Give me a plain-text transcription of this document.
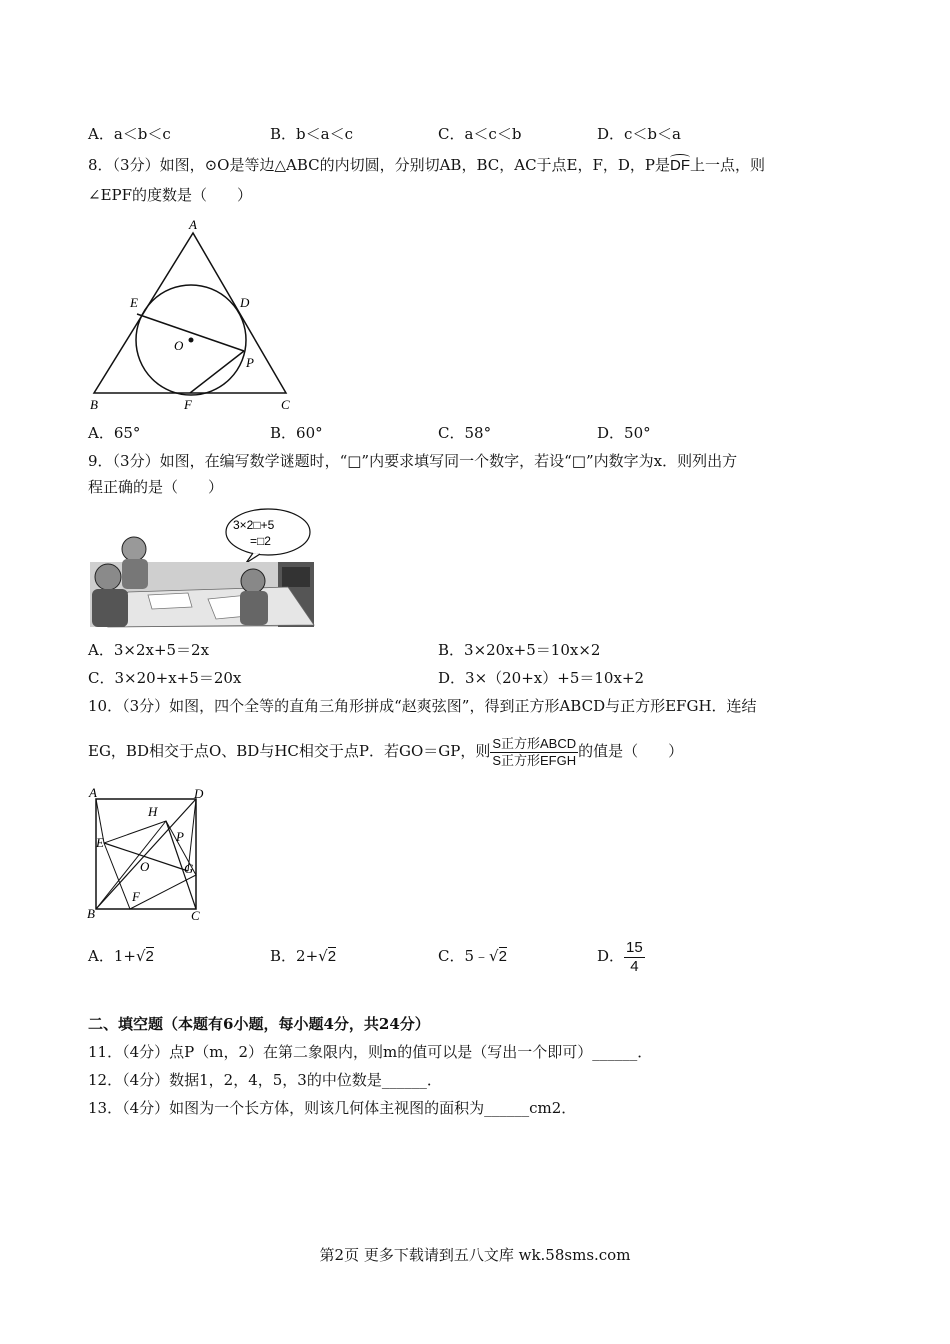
A．a＜b＜c	B．b＜a＜c	C．a＜c＜b	D．c＜b＜a
8．（3分）如图，⊙O是等边△ABC的内切圆，分别切AB，BC，AC于点E，F，D，P是
DF上一点，则
∠EPF的度数是（　　）
A
E	D
O
P
B	F	C
A．65°	B．60°	C．58°	D．50°
9．（3分）如图，在编写数学谜题时，“□”内要求填写同一个数字，若设“□”内数字为x．则列出方
程正确的是（　　）
3×2□+5
=□2
A．3×2x+5＝2x	B．3×20x+5＝10x×2
C．3×20+x+5＝20x	D．3×（20+x）+5＝10x+2
10．（3分）如图，四个全等的直角三角形拼成“赵爽弦图”，得到正方形ABCD与正方形EFGH．连结
EG，BD相交于点O、BD与HC相交于点P．若GO＝GP，则 $\frac{\text{S正方形ABCD}}{\text{S正方形EFGH}}$ 的值是（　　）
A	D
H
P
E
O	G
F
B	C
A．1+√2	B．2+√2	C．5﹣√2	D． $\frac{15}{4}$
二、填空题（本题有6小题，每小题4分，共24分）
11．（4分）点P（m，2）在第二象限内，则m的值可以是（写出一个即可）______．
12．（4分）数据1，2，4，5，3的中位数是______．
13．（4分）如图为一个长方体，则该几何体主视图的面积为______cm2．
第2页 更多下载请到五八文库 wk.58sms.com
